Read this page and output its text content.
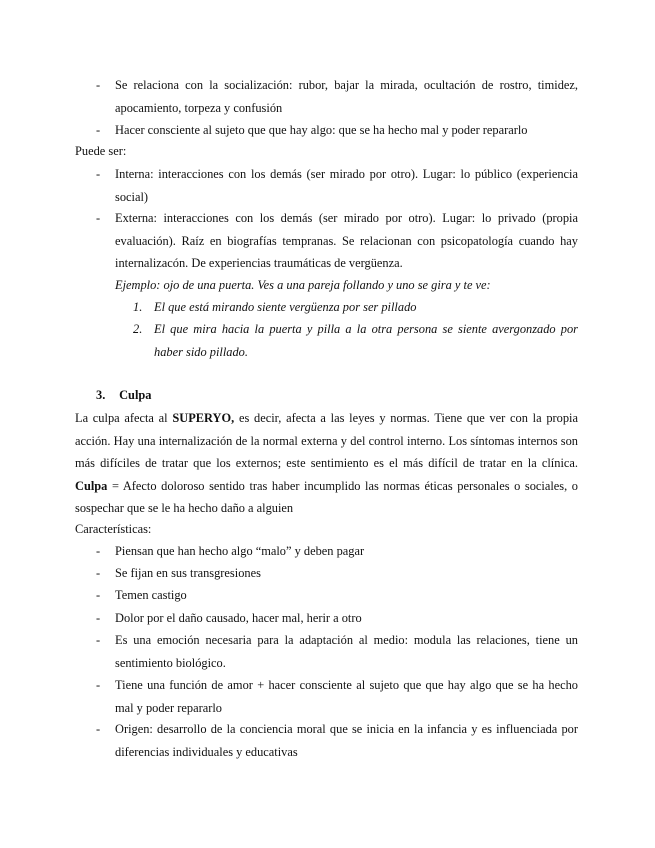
- Se relaciona con la socialización: rubor, bajar la mirada, ocultación de rostro, timidez, apocamiento, torpeza y confusión
- Hacer consciente al sujeto que que hay algo: que se ha hecho mal y poder repararlo
Puede ser:
- Interna: interacciones con los demás (ser mirado por otro). Lugar: lo público (experiencia social)
- Externa: interacciones con los demás (ser mirado por otro). Lugar: lo privado (propia evaluación). Raíz en biografías tempranas. Se relacionan con psicopatología cuando hay internalizacón. De experiencias traumáticas de vergüenza.
Ejemplo: ojo de una puerta. Ves a una pareja follando y uno se gira y te ve:
1. El que está mirando siente vergüenza por ser pillado
2. El que mira hacia la puerta y pilla a la otra persona se siente avergonzado por haber sido pillado.
3. Culpa
La culpa afecta al SUPERYO, es decir, afecta a las leyes y normas. Tiene que ver con la propia acción. Hay una internalización de la normal externa y del control interno. Los síntomas internos son más difíciles de tratar que los externos; este sentimiento es el más difícil de tratar en la clínica. Culpa = Afecto doloroso sentido tras haber incumplido las normas éticas personales o sociales, o sospechar que se le ha hecho daño a alguien
Características:
- Piensan que han hecho algo “malo” y deben pagar
- Se fijan en sus transgresiones
- Temen castigo
- Dolor por el daño causado, hacer mal, herir a otro
- Es una emoción necesaria para la adaptación al medio: modula las relaciones, tiene un sentimiento biológico.
- Tiene una función de amor + hacer consciente al sujeto que que hay algo que se ha hecho mal y poder repararlo
- Origen: desarrollo de la conciencia moral que se inicia en la infancia y es influenciada por diferencias individuales y educativas
